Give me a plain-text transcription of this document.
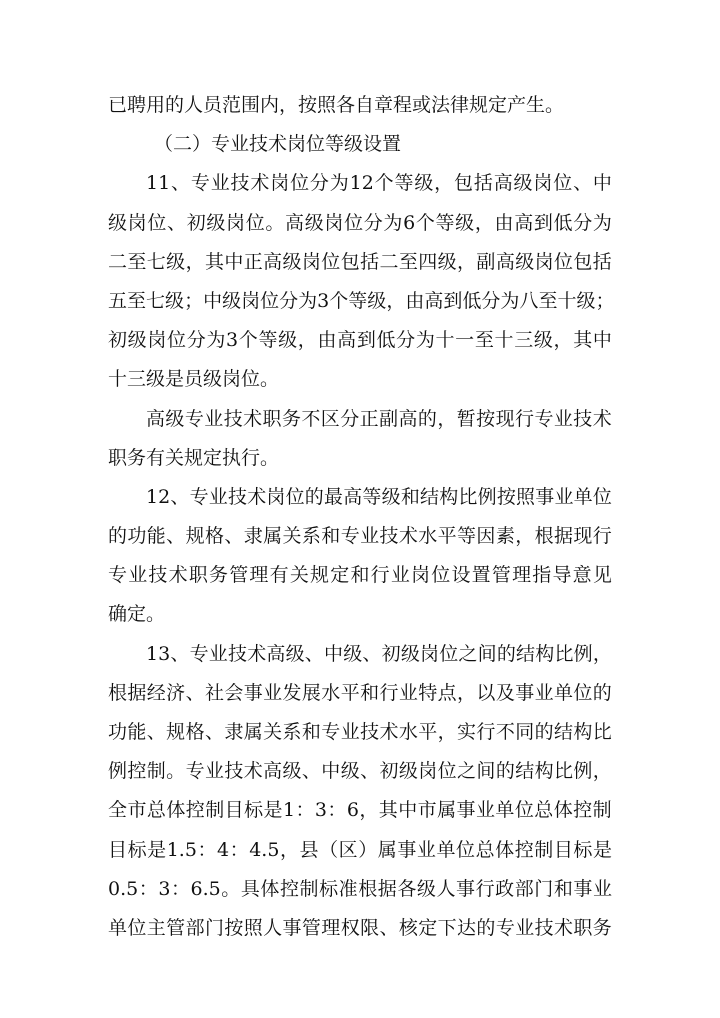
已聘用的人员范围内，按照各自章程或法律规定产生。
（二）专业技术岗位等级设置
11 、 专 业 技 术 岗 位 分 为 12 个 等 级 ， 包 括 高 级 岗 位 、 中
级 岗 位 、 初 级 岗 位 。 高 级 岗 位 分 为 6 个 等 级 ， 由 高 到 低 分 为
二 至 七 级 ， 其 中 正 高 级 岗 位 包 括 二 至 四 级 ， 副 高 级 岗 位 包 括
五 至 七 级 ； 中 级 岗 位 分 为 3 个 等 级 ， 由 高 到 低 分 为 八 至 十 级 ；
初 级 岗 位 分 为 3 个 等 级 ， 由 高 到 低 分 为 十 一 至 十 三 级 ， 其 中
十三级是员级岗位。
高 级 专 业 技 术 职 务 不 区 分 正 副 高 的 ， 暂 按 现 行 专 业 技 术
职务有关规定执行。
12 、 专 业 技 术 岗 位 的 最 高 等 级 和 结 构 比 例 按 照 事 业 单 位
的 功 能 、 规 格 、 隶 属 关 系 和 专 业 技 术 水 平 等 因 素 ， 根 据 现 行
专 业 技 术 职 务 管 理 有 关 规 定 和 行 业 岗 位 设 置 管 理 指 导 意 见
确定。
13 、 专 业 技 术 高 级 、 中 级 、 初 级 岗 位 之 间 的 结 构 比 例 ，
根 据 经 济 、 社 会 事 业 发 展 水 平 和 行 业 特 点 ， 以 及 事 业 单 位 的
功 能 、 规 格 、 隶 属 关 系 和 专 业 技 术 水 平 ， 实 行 不 同 的 结 构 比
例 控 制 。 专 业 技 术 高 级 、 中 级 、 初 级 岗 位 之 间 的 结 构 比 例 ，
全 市 总 体 控 制 目 标 是 1 ： 3 ： 6 ， 其 中 市 属 事 业 单 位 总 体 控 制
目 标 是 1.5 ： 4 ： 4.5 ， 县 （ 区 ） 属 事 业 单 位 总 体 控 制 目 标 是
0.5 ： 3 ： 6.5 。 具 体 控 制 标 准 根 据 各 级 人 事 行 政 部 门 和 事 业
单 位 主 管 部 门 按 照 人 事 管 理 权 限 、 核 定 下 达 的 专 业 技 术 职 务
